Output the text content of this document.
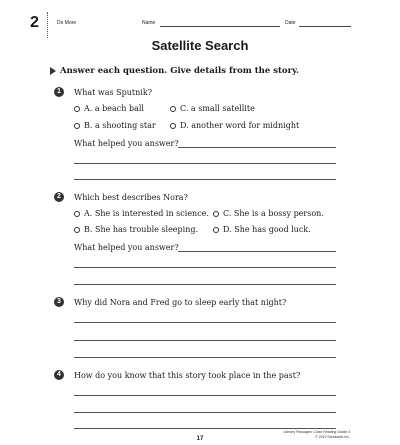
2	Do More	Name	Date
Satellite Search
Answer each question. Give details from the story.
1	What was Sputnik?
A. a beach ball	C. a small satellite
B. a shooting star	D. another word for midnight
What helped you answer?
2	Which best describes Nora?
A. She is interested in science. C. She is a bossy person.
B. She has trouble sleeping.	D. She has good luck.
What helped you answer?
3	Why did Nora and Fred go to sleep early that night?
4	How do you know that this story took place in the past?
17
Literary Passages: Close Reading Grade 3
© 2019 Scholastic Inc.
